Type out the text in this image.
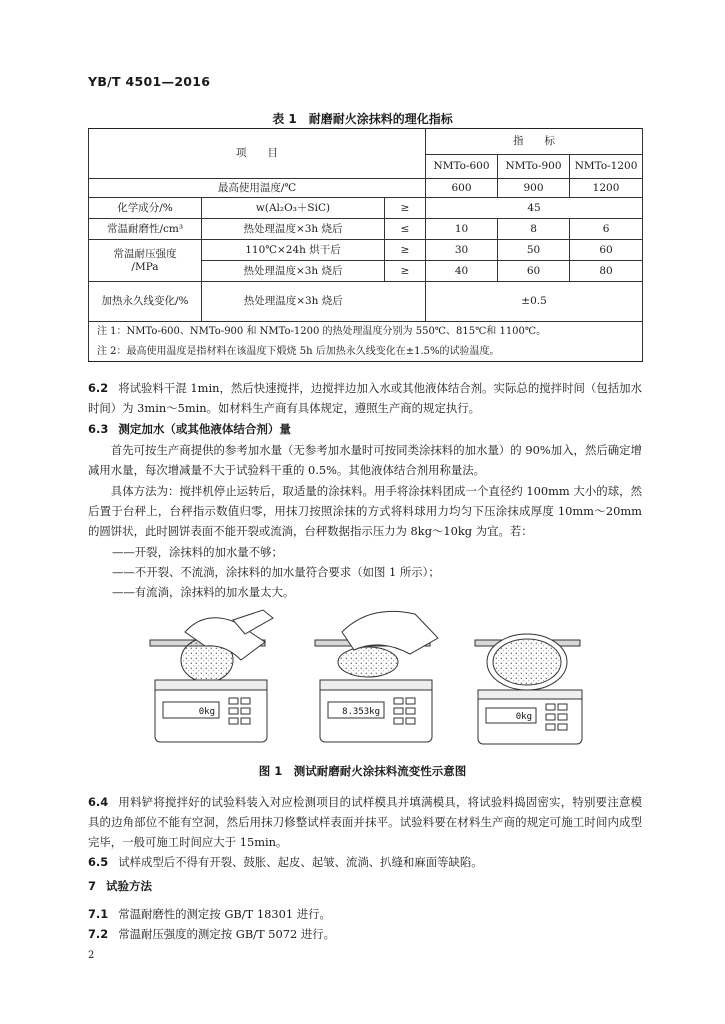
YB/T 4501—2016
表 1　耐磨耐火涂抹料的理化指标
项　　目			指　　标		
			NMTo-600	NMTo-900	NMTo-1200
最高使用温度/℃			600	900	1200
化学成分/%	w(Al₂O₃＋SiC)	≥	45		
常温耐磨性/cm³	热处理温度×3h 烧后	≤	10	8	6
常温耐压强度
/MPa	110℃×24h 烘干后	≥	30	50	60
	热处理温度×3h 烧后	≥	40	60	80
加热永久线变化/%	热处理温度×3h 烧后		±0.5		
注 1：NMTo-600、NMTo-900 和 NMTo-1200 的热处理温度分别为 550℃、815℃和 1100℃。					
注 2：最高使用温度是指材料在该温度下煅烧 5h 后加热永久线变化在±1.5%的试验温度。					
6.2 将试验料干混 1min，然后快速搅拌，边搅拌边加入水或其他液体结合剂。实际总的搅拌时间（包括加水时间）为 3min～5min。如材料生产商有具体规定，遵照生产商的规定执行。
6.3 测定加水（或其他液体结合剂）量
首先可按生产商提供的参考加水量（无参考加水量时可按同类涂抹料的加水量）的 90%加入，然后确定增减用水量，每次增减量不大于试验料干重的 0.5%。其他液体结合剂用称量法。
具体方法为：搅拌机停止运转后，取适量的涂抹料。用手将涂抹料团成一个直径约 100mm 大小的球，然后置于台秤上，台秤指示数值归零，用抹刀按照涂抹的方式将料球用力均匀下压涂抹成厚度 10mm～20mm 的圆饼状，此时圆饼表面不能开裂或流淌，台秤数据指示压力为 8kg～10kg 为宜。若：
——开裂，涂抹料的加水量不够；
——不开裂、不流淌，涂抹料的加水量符合要求（如图 1 所示）；
——有流淌，涂抹料的加水量太大。
0kg	8.353kg	0kg
图 1　测试耐磨耐火涂抹料流变性示意图
6.4 用料铲将搅拌好的试验料装入对应检测项目的试样模具并填满模具，将试验料捣固密实，特别要注意模具的边角部位不能有空洞，然后用抹刀修整试样表面并抹平。试验料要在材料生产商的规定可施工时间内成型完毕，一般可施工时间应大于 15min。
6.5 试样成型后不得有开裂、鼓胀、起皮、起皱、流淌、扒缝和麻面等缺陷。
7 试验方法
7.1 常温耐磨性的测定按 GB/T 18301 进行。
7.2 常温耐压强度的测定按 GB/T 5072 进行。
2
